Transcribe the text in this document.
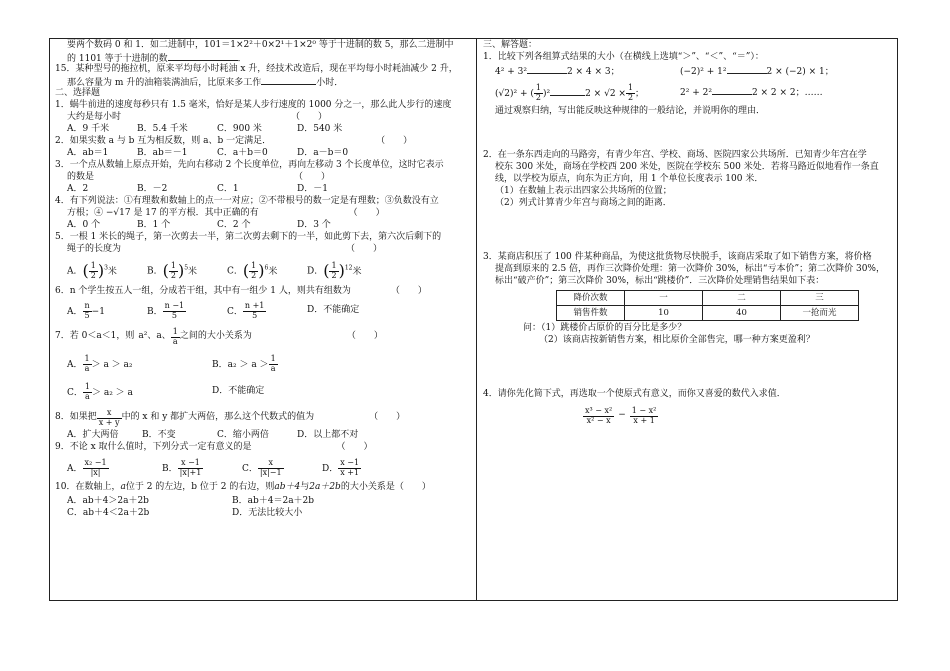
要两个数码 0 和 1．如二进制中，101＝1×2²＋0×2¹＋1×2⁰ 等于十进制的数 5，那么二进制中
的 1101 等于十进制的数	．
15．某种型号的拖拉机，原来平均每小时耗油 x 升，经技术改造后，现在平均每小时耗油减少 2 升，
那么容量为 m 升的油箱装满油后，比原来多工作	小时．
二、选择题
1．蜗牛前进的速度每秒只有 1.5 毫米，恰好是某人步行速度的 1000 分之一，那么此人步行的速度
大约是每小时	（　　）
A．9 千米	B．5.4 千米	C．900 米	D．540 米
2．如果实数 a 与 b 互为相反数，则 a、b 一定满足．	（　　）
A．ab＝1	B．ab＝－1	C．a＋b＝0	D．a－b＝0
3．一个点从数轴上原点开始，先向右移动 2 个长度单位，再向左移动 3 个长度单位，这时它表示
的数是	（　　）
A．2	B．－2	C．1	D．－1
4．有下列说法：①有理数和数轴上的点一一对应；②不带根号的数一定是有理数；③负数没有立
方根；④ −√17 是 17 的平方根．其中正确的有	（　　）
A．0 个	B．1 个	C．2 个	D．3 个
5．一根 1 米长的绳子，第一次剪去一半，第二次剪去剩下的一半，如此剪下去，第六次后剩下的
绳子的长度为	（　　）
A．( $\frac{1}{2} )^3$米	B．( $\frac{1}{2} )^5$米	C．( $\frac{1}{2} )^6$米	D．( $\frac{1}{2} )^{12}$米
6．n 个学生按五人一组，分成若干组，其中有一组少 1 人，则共有组数为	（　　）
A． $\frac{n}{5} -1$	B． $\frac{n -1}{5}$	C． $\frac{n +1}{5}$	D．不能确定
7．若 0＜a＜1，则 a²、a、 $\frac{1}{a}$ 之间的大小关系为	（　　）
A． $\frac{1}{a} > a > a_2$	B．$a_2 > a > \frac{1}{a}$
C． $\frac{1}{a} > a_2 > a$	D．不能确定
8．如果把 $\frac{x}{x + y}$ 中的 x 和 y 都扩大两倍，那么这个代数式的值为	（　　）
A．扩大两倍	B．不变	C．缩小两倍	D．以上都不对
9．不论 x 取什么值时，下列分式一定有意义的是	（　　）
A． $\frac{\text{x₂ −1}}{|x|}$	B． $\frac{x -1}{|x|+1}$	C． $\frac{x}{|x|-1}$	D． $\frac{x -1}{x +1}$
10．在数轴上，a位于 2 的左边，b 位于 2 的右边，则ab＋4与2a＋2b的大小关系是（　　）
A．ab＋4＞2a＋2b	B．ab＋4＝2a＋2b
C．ab＋4＜2a＋2b	D．无法比较大小
三、解答题：
1．比较下列各组算式结果的大小（在横线上选填“＞”、“＜”、“＝”）：
4² + 3²	2 × 4 × 3；	(−2)² + 1²	2 × (−2) × 1；
(√2)² + ( $\frac{1}{2} )^2$	$2 \times √2 \times \frac{1}{2}$ ；	2² + 2²	2 × 2 × 2；……
通过观察归纳，写出能反映这种规律的一般结论，并说明你的理由．
2．在一条东西走向的马路旁，有青少年宫、学校、商场、医院四家公共场所．已知青少年宫在学
校东 300 米处，商场在学校西 200 米处，医院在学校东 500 米处．若将马路近似地看作一条直
线，以学校为原点，向东为正方向，用 1 个单位长度表示 100 米．
（1）在数轴上表示出四家公共场所的位置；
（2）列式计算青少年宫与商场之间的距离．
3．某商店积压了 100 件某种商品，为使这批货物尽快脱手，该商店采取了如下销售方案，将价格
提高到原来的 2.5 倍，再作三次降价处理：第一次降价 30%，标出“亏本价”；第二次降价 30%，
标出“破产价”；第三次降价 30%，标出“跳楼价”．三次降价处理销售结果如下表：
降价次数	一	二	三
销售件数	10	40	一抢而光
问：（1）跳楼价占原价的百分比是多少？
（2）该商店按新销售方案，相比原价全部售完，哪一种方案更盈利？
4．请你先化简下式，再选取一个使原式有意义，而你又喜爱的数代入求值．
$\frac{\text{x³ − x²}}{\text{x² − x}} - \frac{\text{1 − x²}}{x + 1}$
